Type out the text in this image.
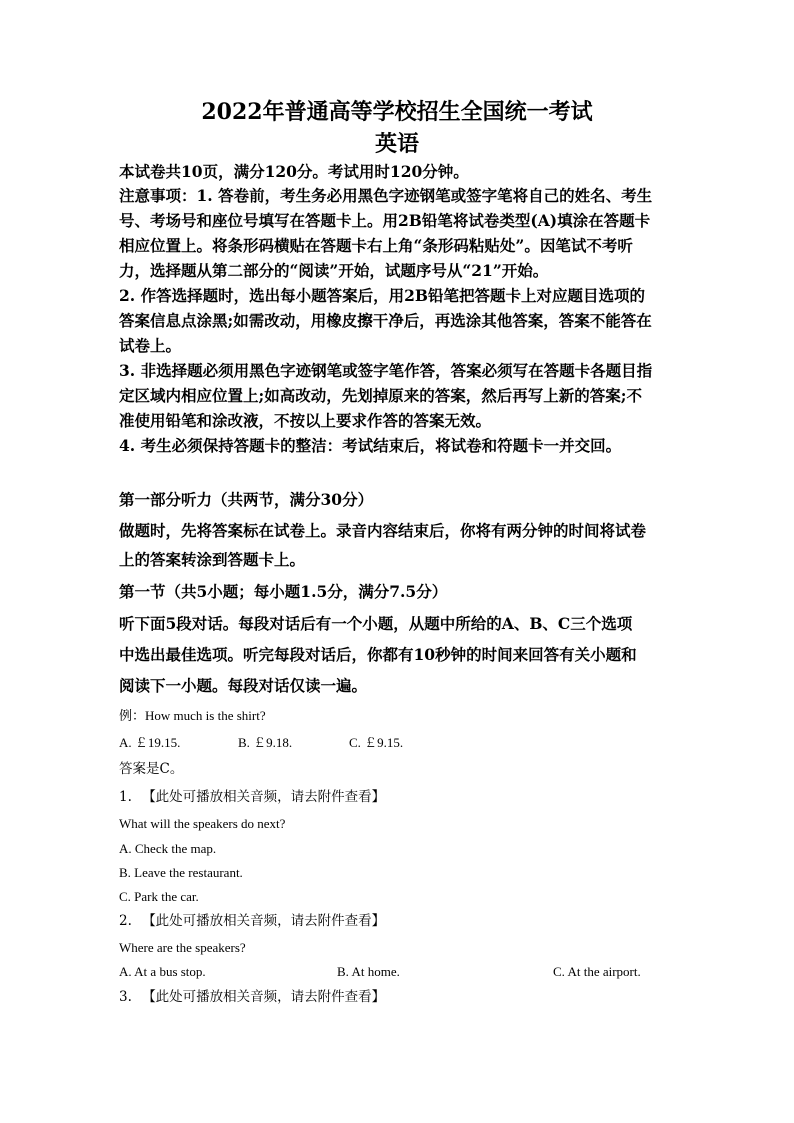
2022年普通高等学校招生全国统一考试
英语
本试卷共10页，满分120分。考试用时120分钟。
注意事项：1. 答卷前，考生务必用黑色字迹钢笔或签字笔将自己的姓名、考生
号、考场号和座位号填写在答题卡上。用2B铅笔将试卷类型(A)填涂在答题卡
相应位置上。将条形码横贴在答题卡右上角“条形码粘贴处”。因笔试不考听
力，选择题从第二部分的“阅读”开始，试题序号从“21”开始。
2. 作答选择题时，选出每小题答案后，用2B铅笔把答题卡上对应题目选项的
答案信息点涂黑;如需改动，用橡皮擦干净后，再选涂其他答案，答案不能答在
试卷上。
3. 非选择题必须用黑色字迹钢笔或签字笔作答，答案必须写在答题卡各题目指
定区域内相应位置上;如高改动，先划掉原来的答案，然后再写上新的答案;不
准使用铅笔和涂改液，不按以上要求作答的答案无效。
4. 考生必须保持答题卡的整洁：考试结束后，将试卷和符题卡一并交回。
第一部分听力（共两节，满分30分）
做题时，先将答案标在试卷上。录音内容结束后，你将有两分钟的时间将试卷
上的答案转涂到答题卡上。
第一节（共5小题；每小题1.5分，满分7.5分）
听下面5段对话。每段对话后有一个小题，从题中所给的A、B、C三个选项
中选出最佳选项。听完每段对话后，你都有10秒钟的时间来回答有关小题和
阅读下一小题。每段对话仅读一遍。
例：How much is the shirt?
A. ￡19.15.	B. ￡9.18.	C. ￡9.15.
答案是C。
1. 【此处可播放相关音频，请去附件查看】
What will the speakers do next?
A. Check the map.
B. Leave the restaurant.
C. Park the car.
2. 【此处可播放相关音频，请去附件查看】
Where are the speakers?
A. At a bus stop.	B. At home.	C. At the airport.
3. 【此处可播放相关音频，请去附件查看】
